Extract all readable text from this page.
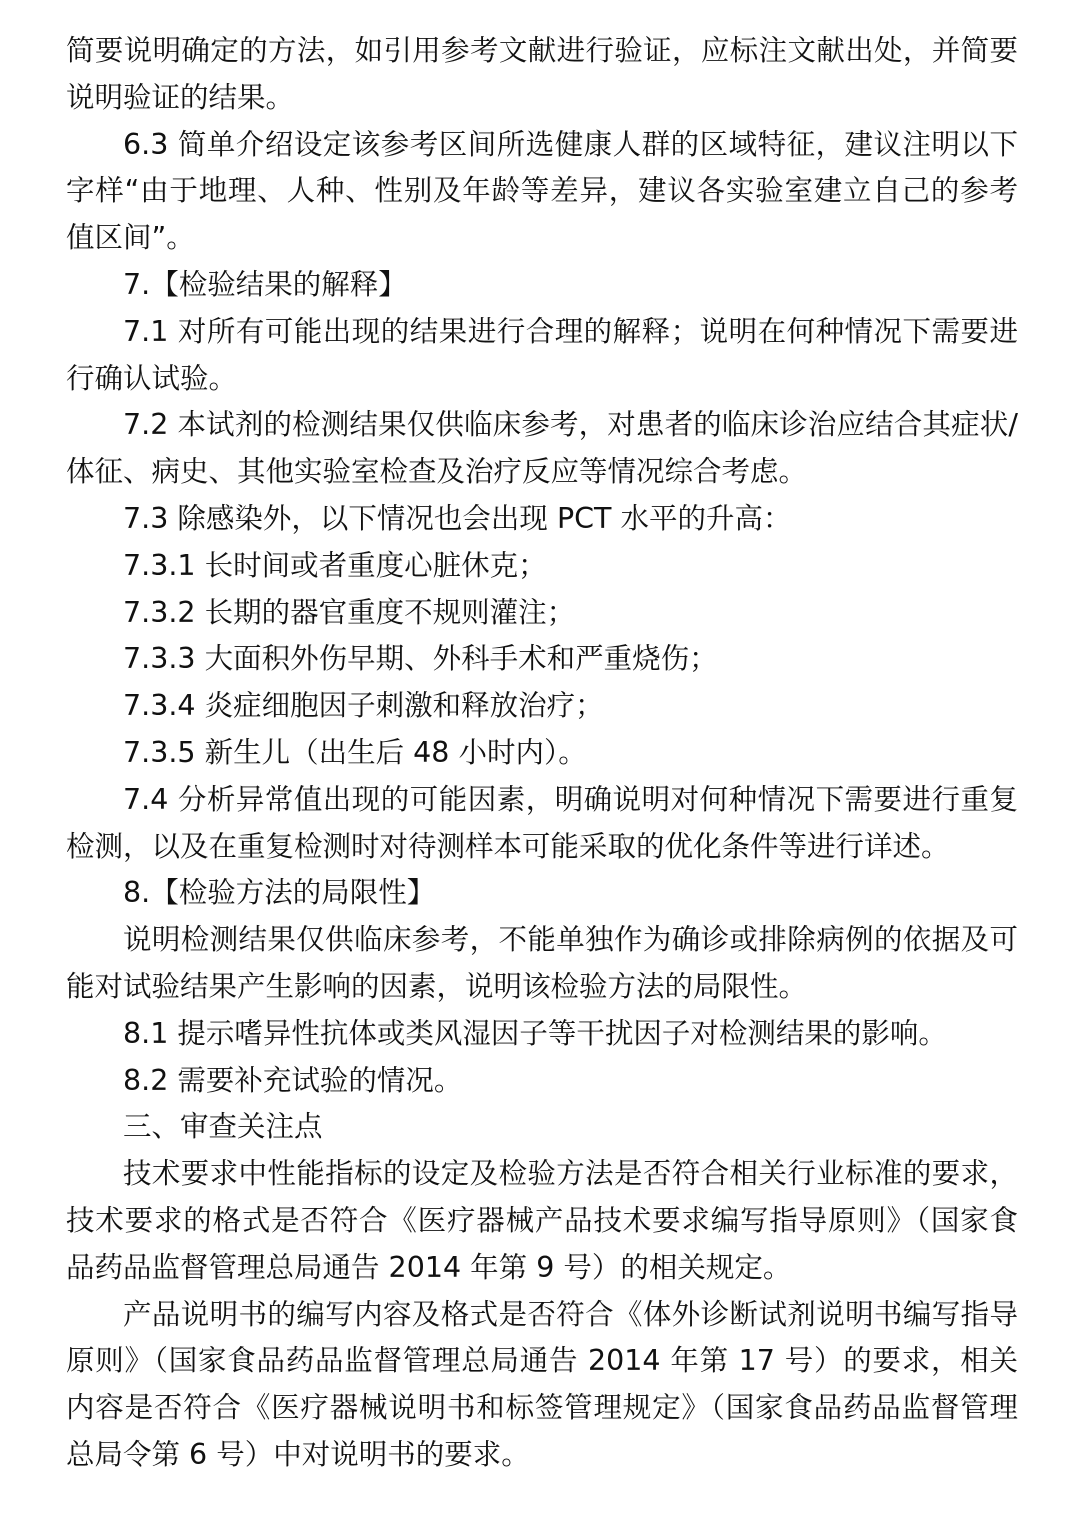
简要说明确定的方法，如引用参考文献进行验证，应标注文献出处，并简要说明验证的结果。

6.3 简单介绍设定该参考区间所选健康人群的区域特征，建议注明以下字样“由于地理、人种、性别及年龄等差异，建议各实验室建立自己的参考值区间”。

7.【检验结果的解释】

7.1 对所有可能出现的结果进行合理的解释；说明在何种情况下需要进行确认试验。

7.2 本试剂的检测结果仅供临床参考，对患者的临床诊治应结合其症状/体征、病史、其他实验室检查及治疗反应等情况综合考虑。

7.3 除感染外，以下情况也会出现 PCT 水平的升高：

7.3.1 长时间或者重度心脏休克；

7.3.2 长期的器官重度不规则灌注；

7.3.3 大面积外伤早期、外科手术和严重烧伤；

7.3.4 炎症细胞因子刺激和释放治疗；

7.3.5 新生儿（出生后 48 小时内）。

7.4 分析异常值出现的可能因素，明确说明对何种情况下需要进行重复检测，以及在重复检测时对待测样本可能采取的优化条件等进行详述。

8.【检验方法的局限性】

说明检测结果仅供临床参考，不能单独作为确诊或排除病例的依据及可能对试验结果产生影响的因素，说明该检验方法的局限性。

8.1 提示嗜异性抗体或类风湿因子等干扰因子对检测结果的影响。

8.2 需要补充试验的情况。

三、审查关注点

技术要求中性能指标的设定及检验方法是否符合相关行业标准的要求，技术要求的格式是否符合《医疗器械产品技术要求编写指导原则》（国家食品药品监督管理总局通告 2014 年第 9 号）的相关规定。

产品说明书的编写内容及格式是否符合《体外诊断试剂说明书编写指导原则》（国家食品药品监督管理总局通告 2014 年第 17 号）的要求，相关内容是否符合《医疗器械说明书和标签管理规定》（国家食品药品监督管理总局令第 6 号）中对说明书的要求。
